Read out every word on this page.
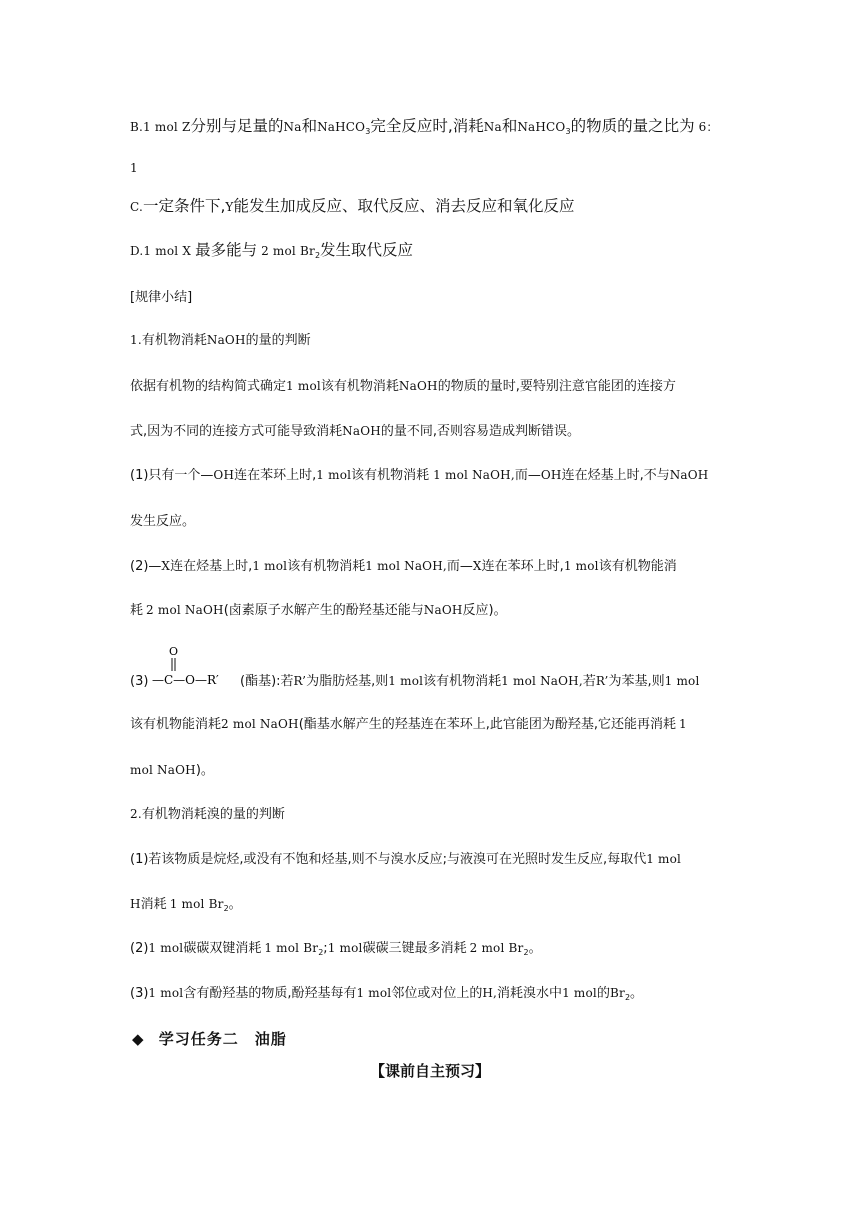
B.1 mol Z分别与足量的Na和NaHCO$_3$完全反应时,消耗Na和NaHCO$_3$的物质的量之比为 6：
1
C.一定条件下,Y能发生加成反应、取代反应、消去反应和氧化反应
D.1 mol X 最多能与 2 mol $Br_2$发生取代反应
[规律小结]
1.有机物消耗NaOH的量的判断
依据有机物的结构简式确定1 mol该有机物消耗NaOH的物质的量时,要特别注意官能团的连接方
式,因为不同的连接方式可能导致消耗NaOH的量不同,否则容易造成判断错误。
(1)只有一个—OH连在苯环上时,1 mol该有机物消耗 1 mol NaOH,而—OH连在烃基上时,不与NaOH
发生反应。
(2)—X连在烃基上时,1 mol该有机物消耗1 mol NaOH,而—X连在苯环上时,1 mol该有机物能消
耗 2 mol NaOH(卤素原子水解产生的酚羟基还能与NaOH反应)。
(3)
O
—C—O—R′ (酯基):若R’为脂肪烃基,则1 mol该有机物消耗1 mol NaOH,若R’为苯基,则1 mol
该有机物能消耗2 mol NaOH(酯基水解产生的羟基连在苯环上,此官能团为酚羟基,它还能再消耗 1
mol NaOH)。
2.有机物消耗溴的量的判断
(1)若该物质是烷烃,或没有不饱和烃基,则不与溴水反应;与液溴可在光照时发生反应,每取代1 mol
H消耗 1 mol $Br_2$。
(2)1 mol碳碳双键消耗 1 mol $Br_2;1$ mol碳碳三键最多消耗 2 mol $Br_2$。
(3)1 mol含有酚羟基的物质,酚羟基每有1 mol邻位或对位上的H,消耗溴水中1 mol的$Br_2$。
◆ 学习任务二　油脂
【课前自主预习】
